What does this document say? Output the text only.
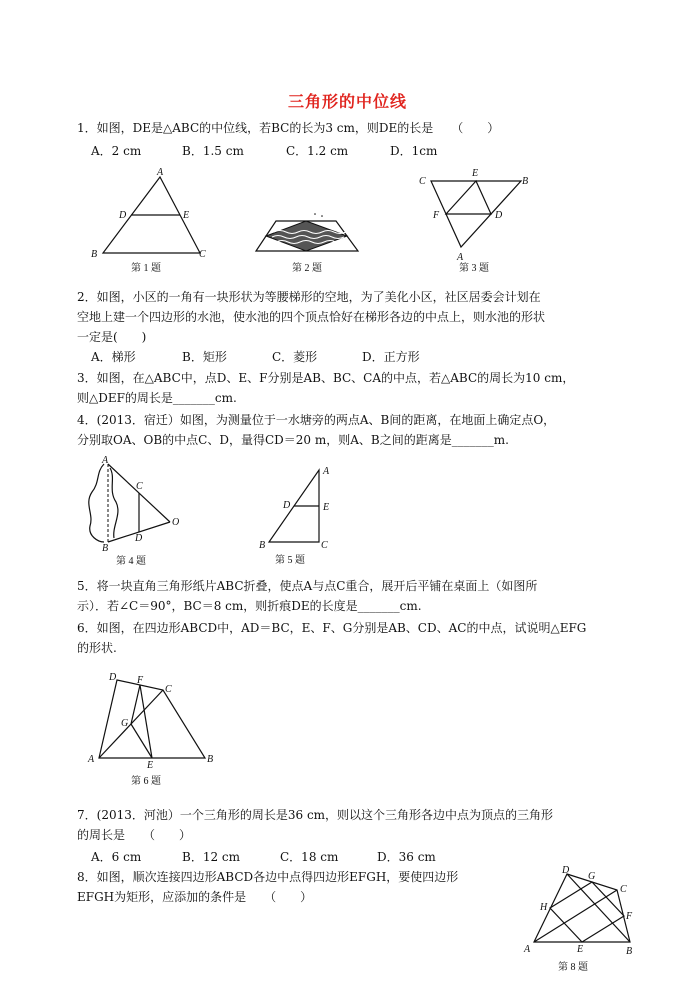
三角形的中位线
1．如图，DE是△ABC的中位线，若BC的长为3 cm，则DE的长是　　（　　）
A．2 cm	B．1.5 cm	C．1.2 cm	D．1cm
A
D	E
B	C
第 1 题	第 2 题
C
E
B
F	D
A
第 3 题
2．如图，小区的一角有一块形状为等腰梯形的空地，为了美化小区，社区居委会计划在
空地上建一个四边形的水池，使水池的四个顶点恰好在梯形各边的中点上，则水池的形状
一定是(　　)
A．梯形	B．矩形	C．菱形	D．正方形
3．如图，在△ABC中，点D、E、F分别是AB、BC、CA的中点，若△ABC的周长为10 cm，
则△DEF的周长是_______cm.
4．(2013．宿迁）如图，为测量位于一水塘旁的两点A、B间的距离，在地面上确定点O，
分别取OA、OB的中点C、D，量得CD＝20 m，则A、B之间的距离是_______m.
A
C
O
D
B
第 4 题
A
D	E
B	C
第 5 题
5．将一块直角三角形纸片ABC折叠，使点A与点C重合，展开后平铺在桌面上（如图所
示）．若∠C＝90°，BC＝8 cm，则折痕DE的长度是_______cm.
6．如图，在四边形ABCD中，AD＝BC，E、F、G分别是AB、CD、AC的中点，试说明△EFG
的形状.
D F
C
G
A
E
B
第 6 题
7．(2013．河池）一个三角形的周长是36 cm，则以这个三角形各边中点为顶点的三角形
的周长是　　（　　）
A．6 cm	B．12 cm	C．18 cm	D．36 cm
8．如图，顺次连接四边形ABCD各边中点得四边形EFGH，要使四边形
EFGH为矩形，应添加的条件是　　（　　）
D
G
C
H
F
A	E	B
第 8 题
